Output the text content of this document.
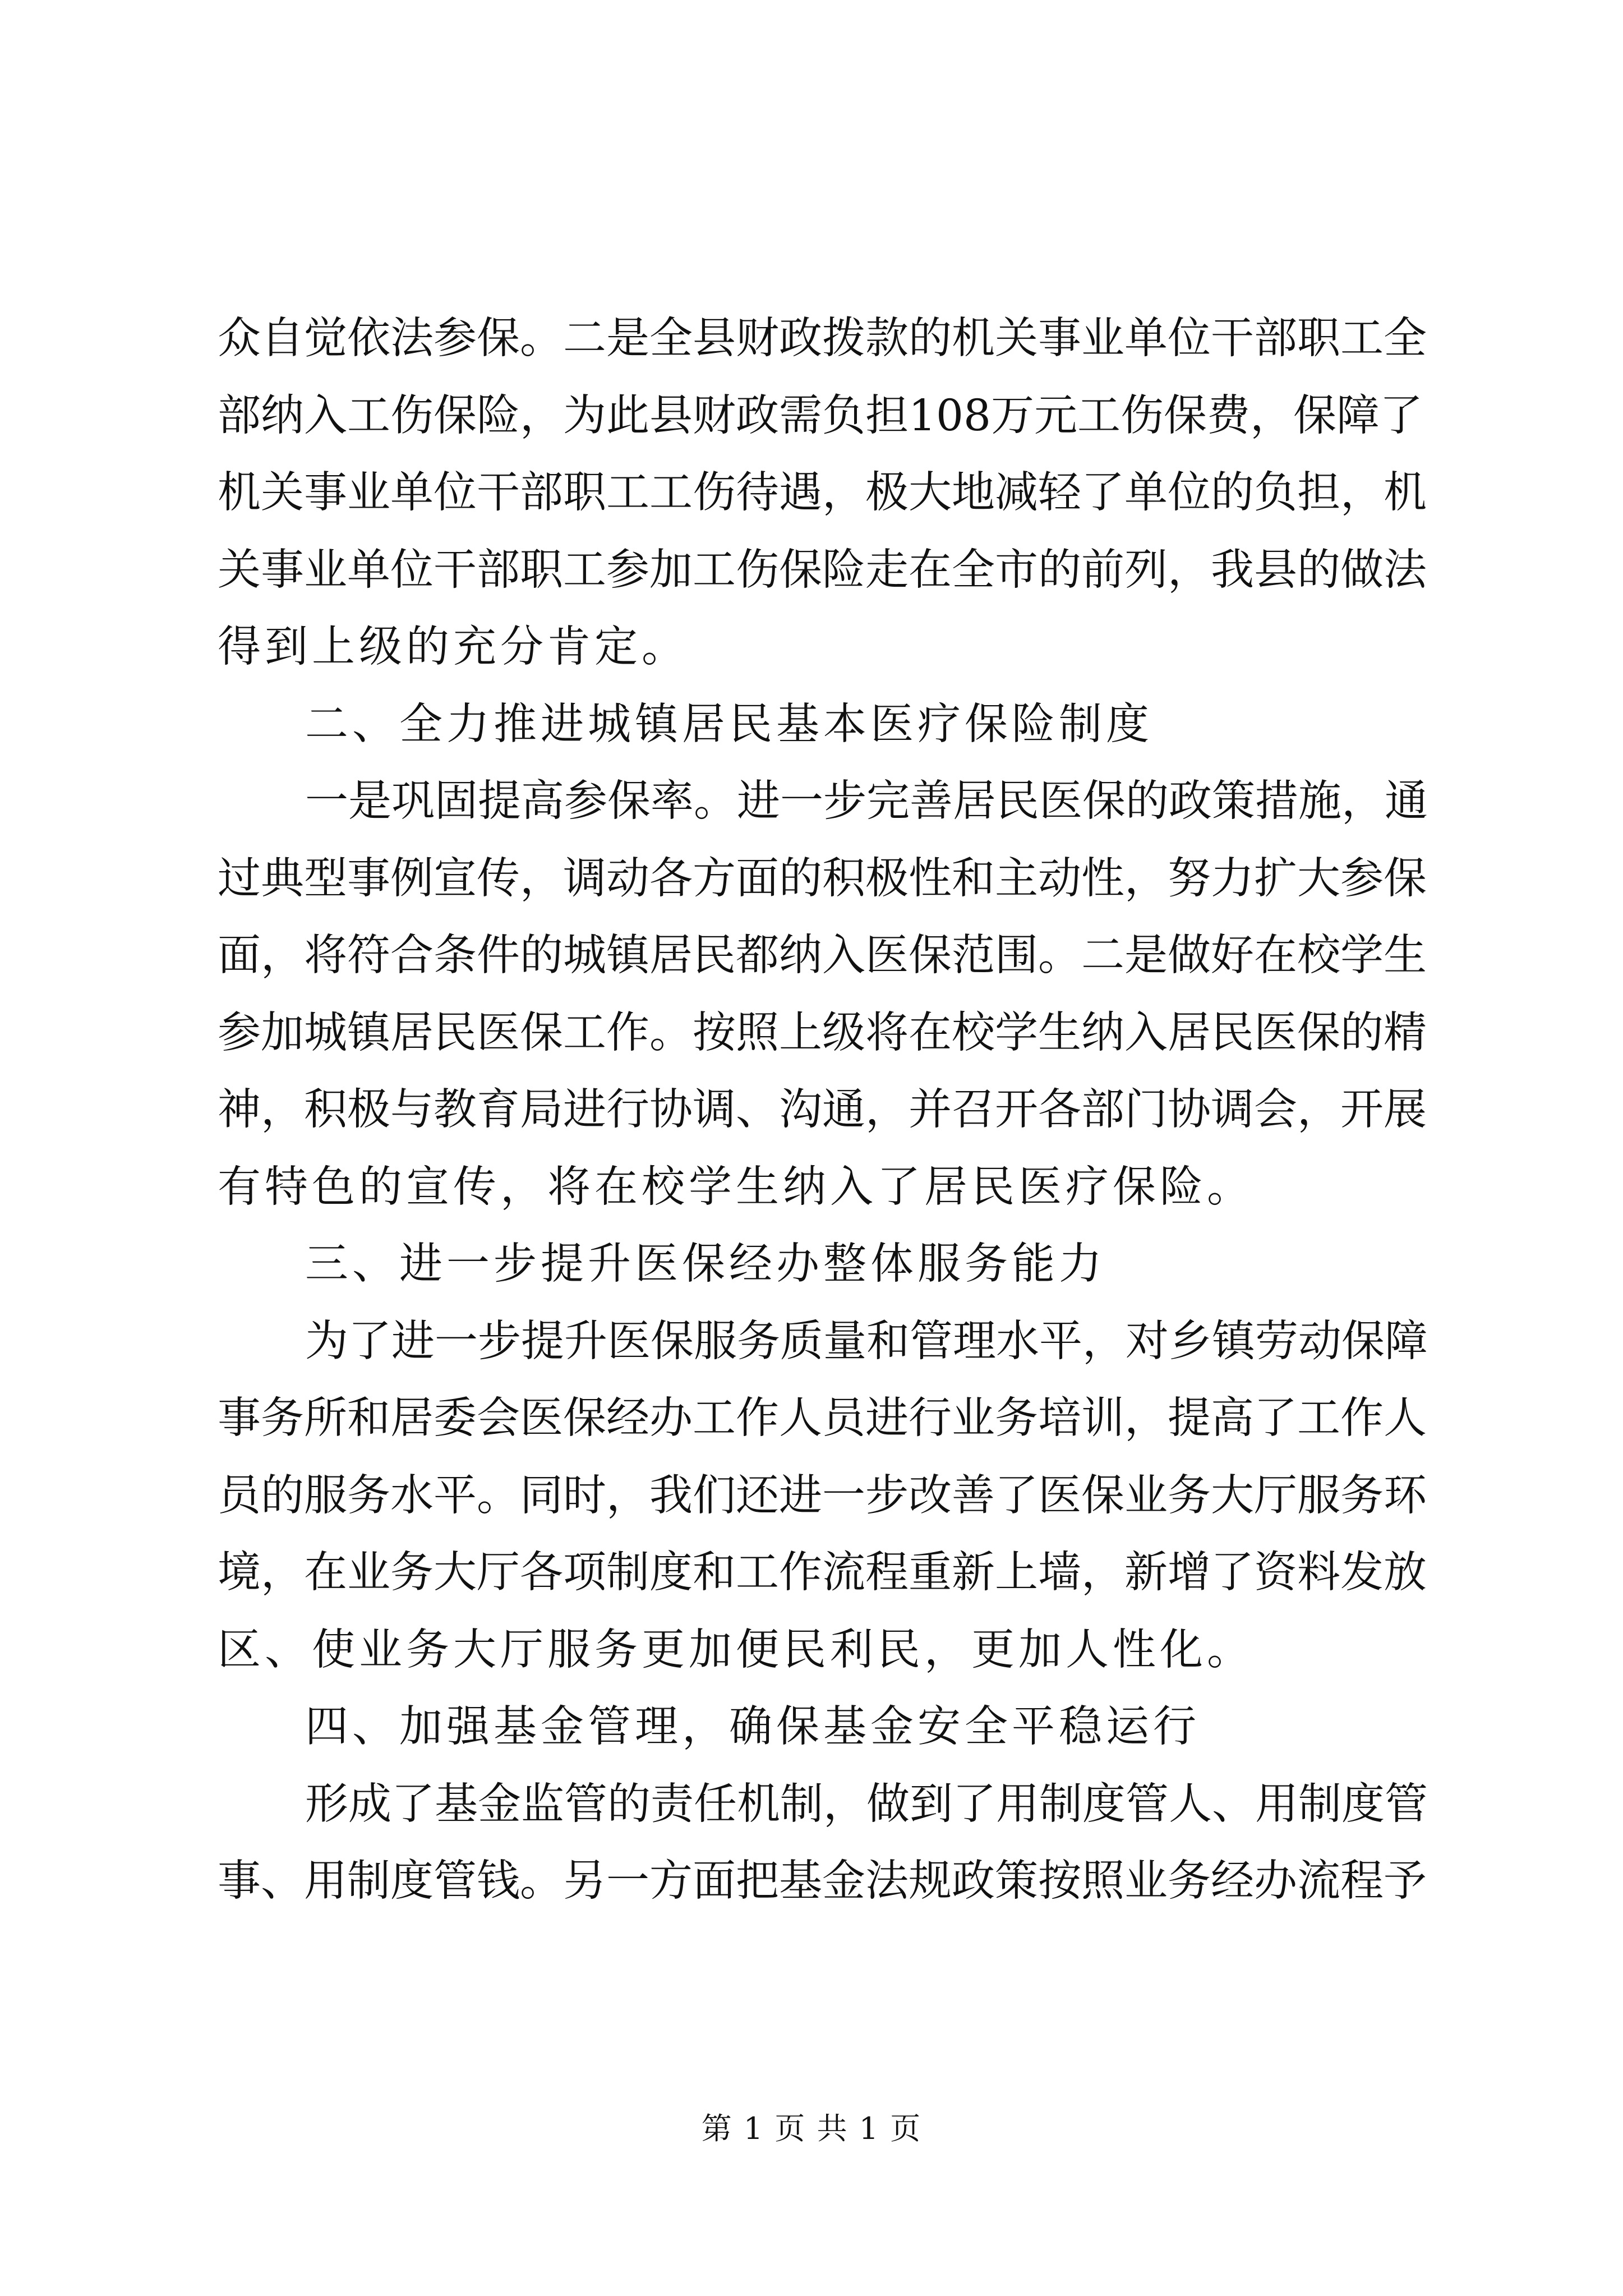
众自觉依法参保。二是全县财政拨款的机关事业单位干部职工全
部纳入工伤保险，为此县财政需负担108万元工伤保费，保障了
机关事业单位干部职工工伤待遇，极大地减轻了单位的负担，机
关事业单位干部职工参加工伤保险走在全市的前列，我县的做法
得到上级的充分肯定。
二、全力推进城镇居民基本医疗保险制度
一是巩固提高参保率。进一步完善居民医保的政策措施，通
过典型事例宣传，调动各方面的积极性和主动性，努力扩大参保
面，将符合条件的城镇居民都纳入医保范围。二是做好在校学生
参加城镇居民医保工作。按照上级将在校学生纳入居民医保的精
神，积极与教育局进行协调、沟通，并召开各部门协调会，开展
有特色的宣传，将在校学生纳入了居民医疗保险。
三、进一步提升医保经办整体服务能力
为了进一步提升医保服务质量和管理水平，对乡镇劳动保障
事务所和居委会医保经办工作人员进行业务培训，提高了工作人
员的服务水平。同时，我们还进一步改善了医保业务大厅服务环
境，在业务大厅各项制度和工作流程重新上墙，新增了资料发放
区、使业务大厅服务更加便民利民，更加人性化。
四、加强基金管理，确保基金安全平稳运行
形成了基金监管的责任机制，做到了用制度管人、用制度管
事、用制度管钱。另一方面把基金法规政策按照业务经办流程予
第 1 页 共 1 页
